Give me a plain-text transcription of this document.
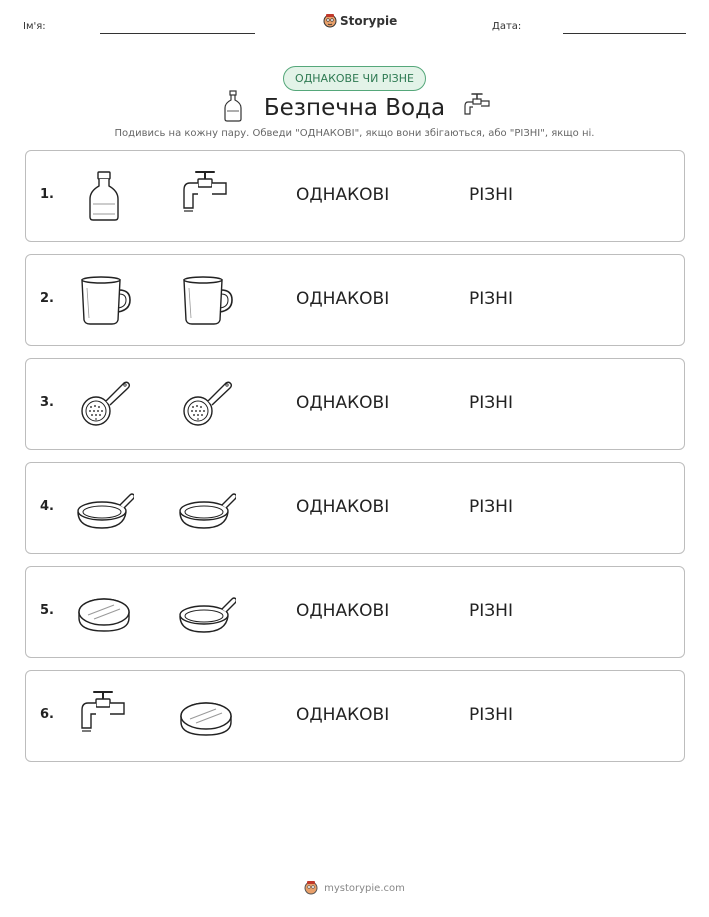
Ім'я:	Storypie	Дата:
ОДНАКОВЕ ЧИ РІЗНЕ
Безпечна Вода
Подивись на кожну пару. Обведи "ОДНАКОВІ", якщо вони збігаються, або "РІЗНІ", якщо ні.
1.	ОДНАКОВІ	РІЗНІ
2.	ОДНАКОВІ	РІЗНІ
3.	ОДНАКОВІ	РІЗНІ
4.	ОДНАКОВІ	РІЗНІ
5.	ОДНАКОВІ	РІЗНІ
6.	ОДНАКОВІ	РІЗНІ
mystorypie.com
